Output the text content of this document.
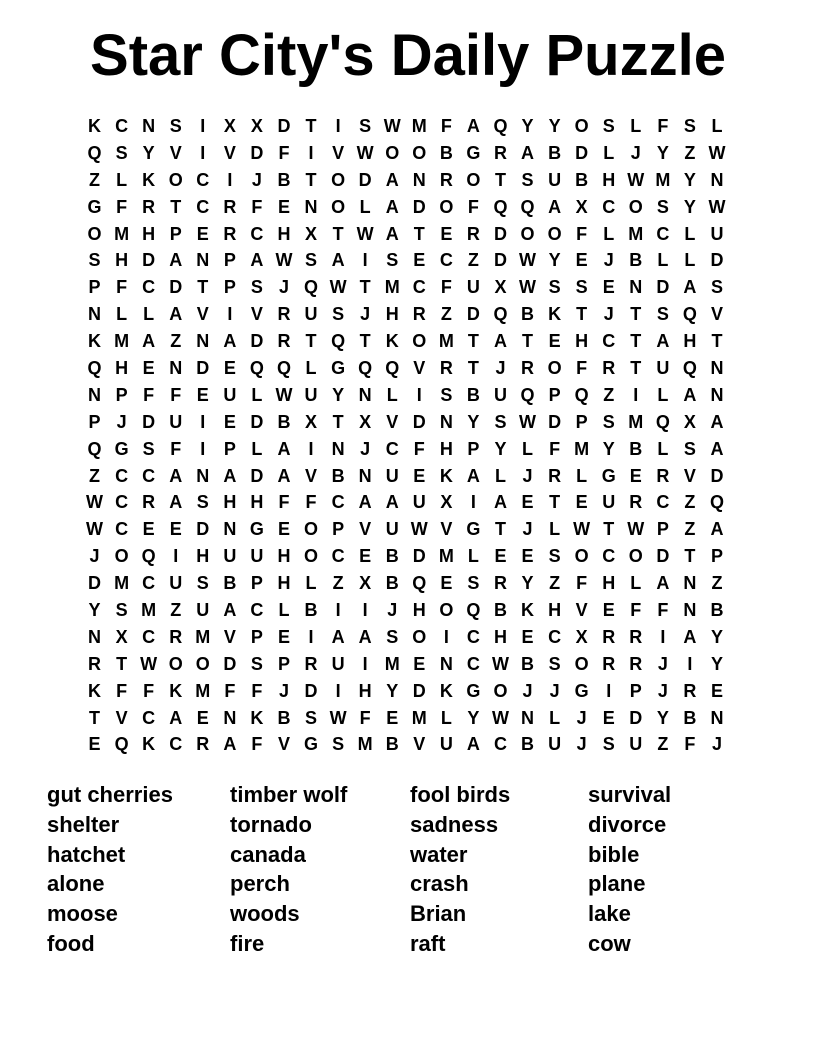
Star City's Daily Puzzle
K C N S	I	X X D T	I	S W M F A Q Y Y O S L F S L
Q S Y V	I	V D F	I	V W O O B G R A B D L J Y Z W
Z L K O C	I	J B T O D A N R O T S U B H W M Y N
G F R T C R F E N O L A D O F Q Q A X C O S Y W
O M H P E R C H X T W A T E R D O O F L M C L U
S H D A N P A W S A	I	S E C Z D W Y E J B L L D
P F C D T P S J Q W T M C F U X W S S E N D A S
N L L A V	I	V R U S J H R Z D Q B K T J T S Q V
K M A Z N A D R T Q T K O M T A T E H C T A H T
Q H E N D E Q Q L G Q Q V R T J R O F R T U Q N
N P F F E U L W U Y N L	I	S B U Q P Q Z	I	L A N
P J D U	I	E D B X T X V D N Y S W D P S M Q X A
Q G S F	I	P L A	I	N J C F H P Y L F M Y B L S A
Z C C A N A D A V B N U E K A L J R L G E R V D
W C R A S H H F F C A A U X	I	A E T E U R C Z Q
W C E E D N G E O P V U W V G T J L W T W P Z A
J O Q I	H U U H O C E B D M L E E S O C O D T P
D M C U S B P H L Z X B Q E S R Y Z F H L A N Z
Y S M Z U A C L B	I	I	J H O Q B K H V E F F N B
N X C R M V P E	I	A A S O I	C H E C X R R	I	A Y
R T W O O D S P R U	I M E N C W B S O R R J	I	Y
K F F K M F F J D	I	H Y D K G O J J G I	P J R E
T V C A E N K B S W F E M L Y W N L J E D Y B N
E Q K C R A F V G S M B V U A C B U J S U Z F J
gut cherries
shelter
hatchet
alone
moose
food
timber wolf
tornado
canada
perch
woods
fire
fool birds
sadness
water
crash
Brian
raft
survival
divorce
bible
plane
lake
cow
